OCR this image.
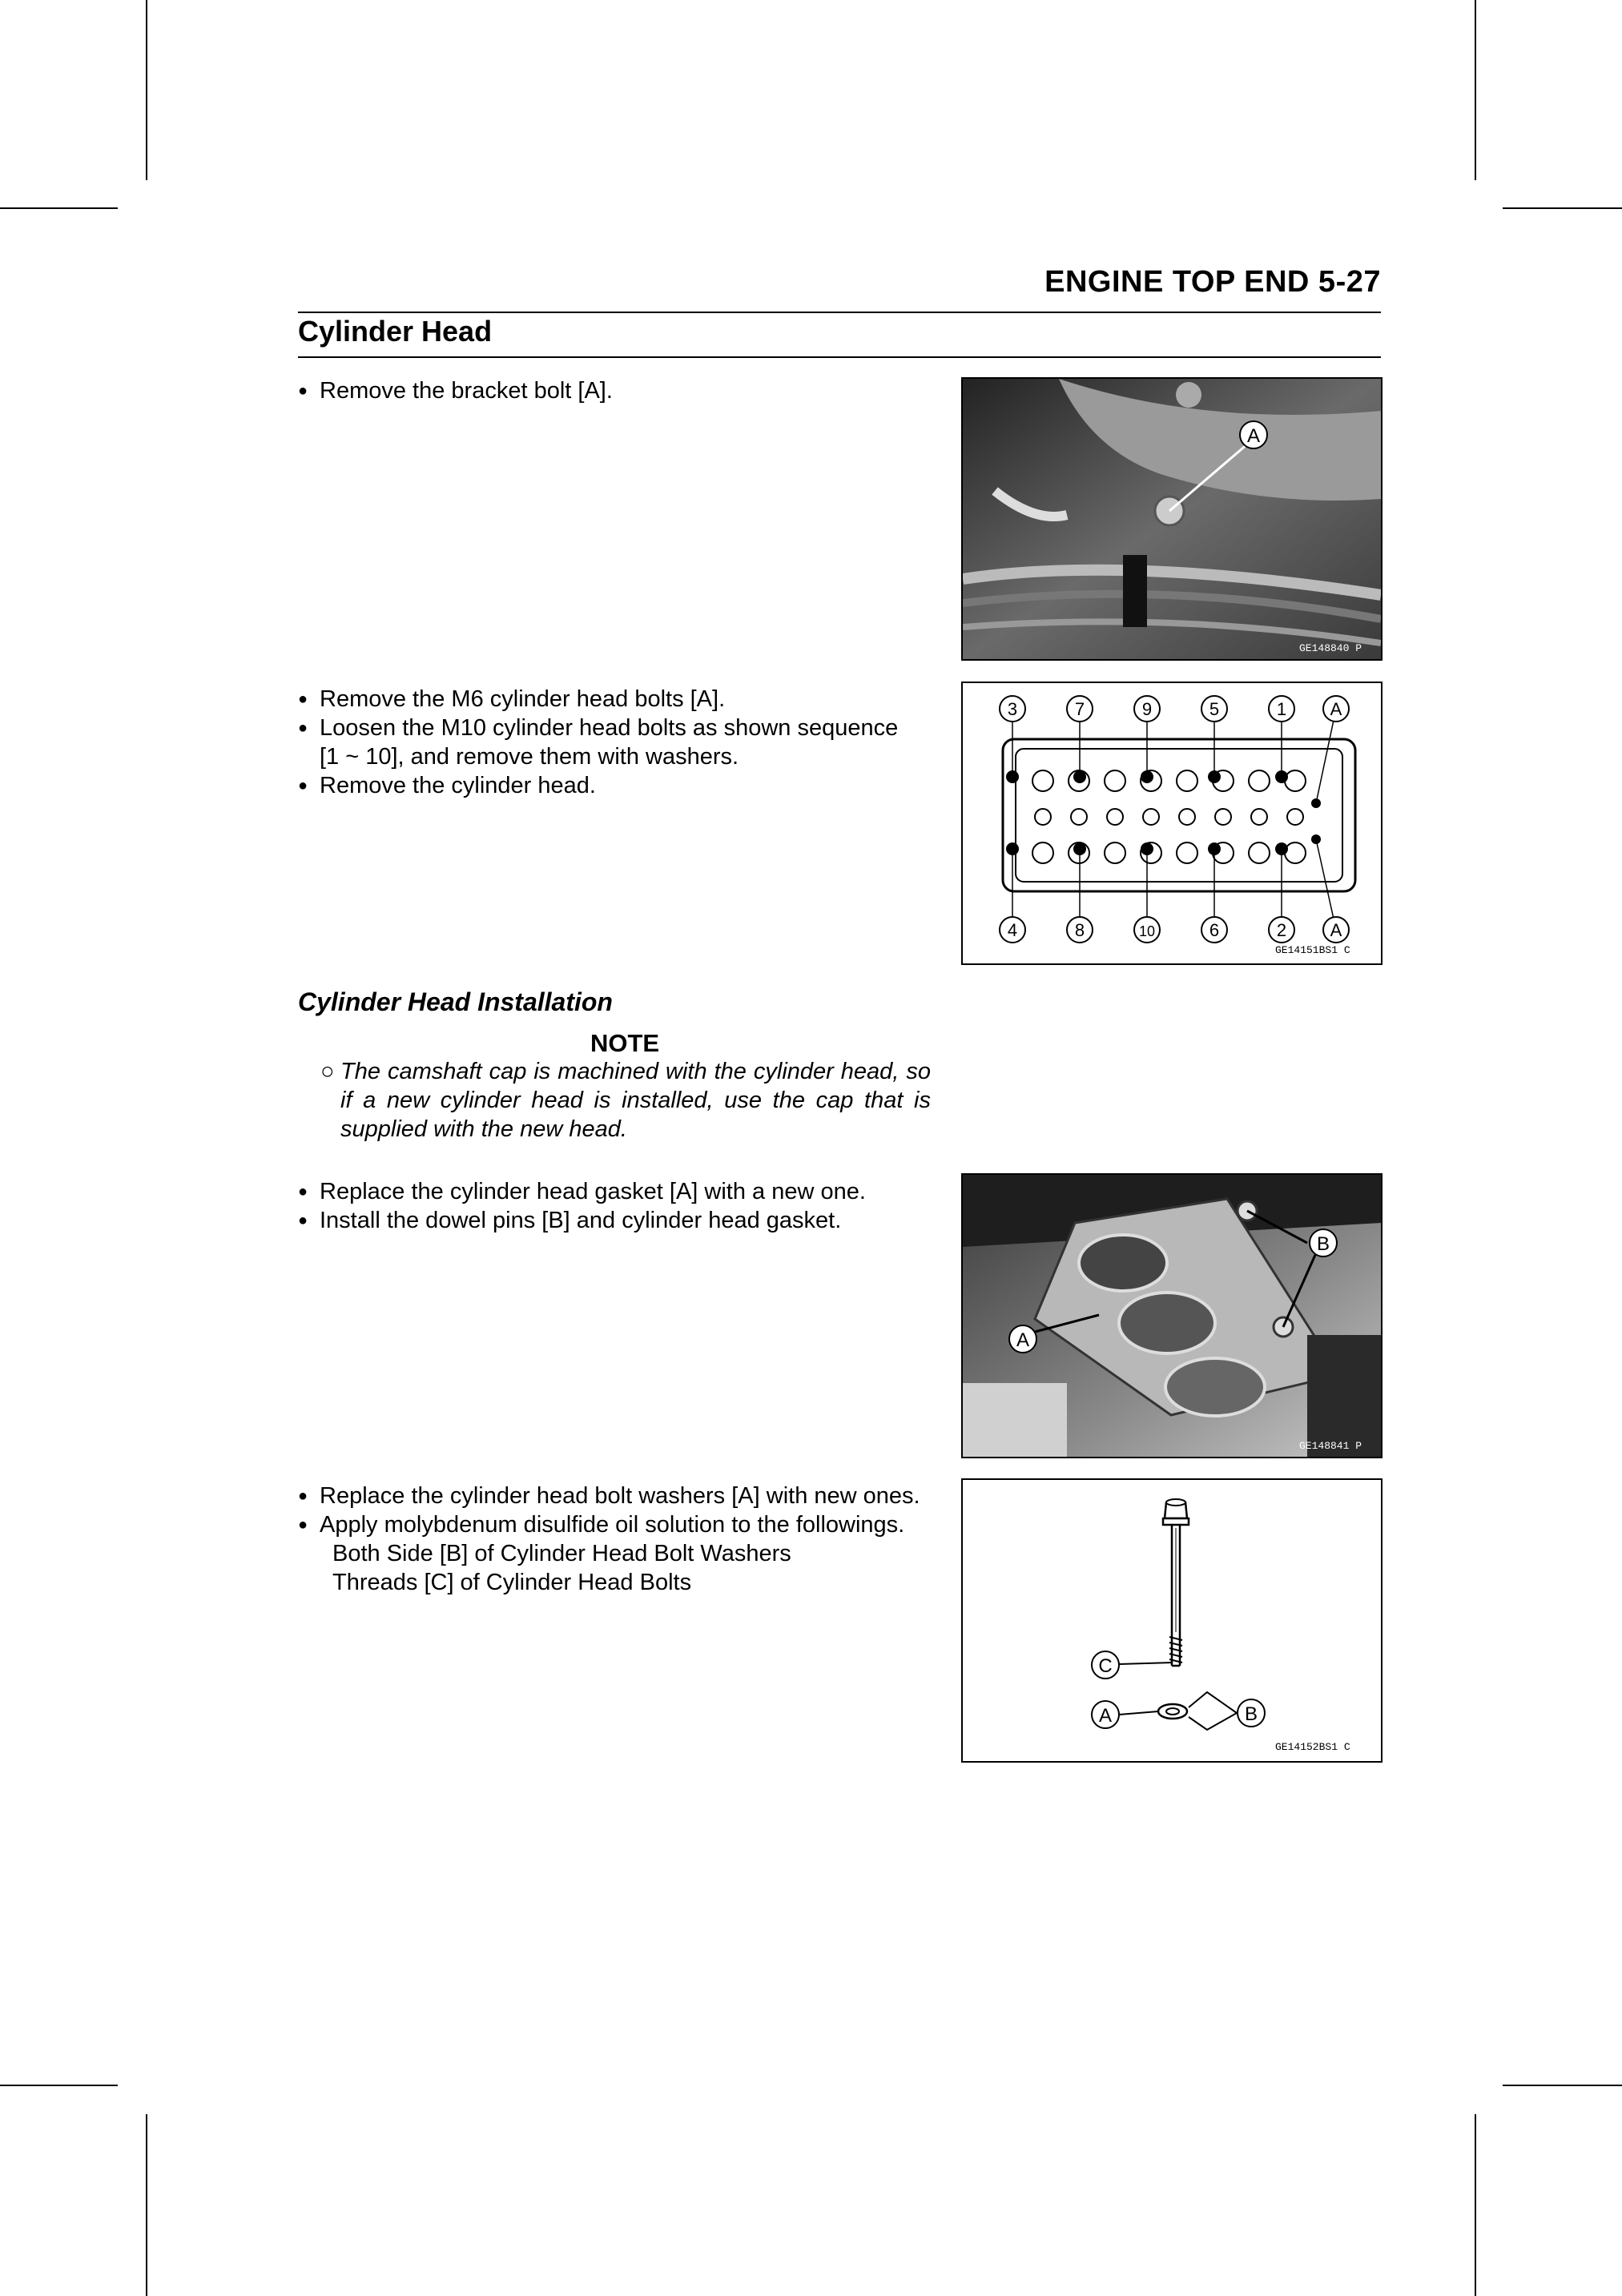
ENGINE TOP END 5-27
Cylinder Head
● Remove the bracket bolt [A].
A
GE148840 P
● Remove the M6 cylinder head bolts [A].
● Loosen the M10 cylinder head bolts as shown sequence
[1 ~ 10], and remove them with washers.
● Remove the cylinder head.
3
4
7
8
9
10
5
6
1
2
A
A
GE14151BS1 C
Cylinder Head Installation
NOTE
○ The camshaft cap is machined with the cylinder head, so if a new cylinder head is installed, use the cap that is supplied with the new head.

● Replace the cylinder head gasket [A] with a new one.
● Install the dowel pins [B] and cylinder head gasket.
B
A
GE148841 P
● Replace the cylinder head bolt washers [A] with new ones.
● Apply molybdenum disulfide oil solution to the followings.
Both Side [B] of Cylinder Head Bolt Washers
Threads [C] of Cylinder Head Bolts
C
A	B
GE14152BS1 C
